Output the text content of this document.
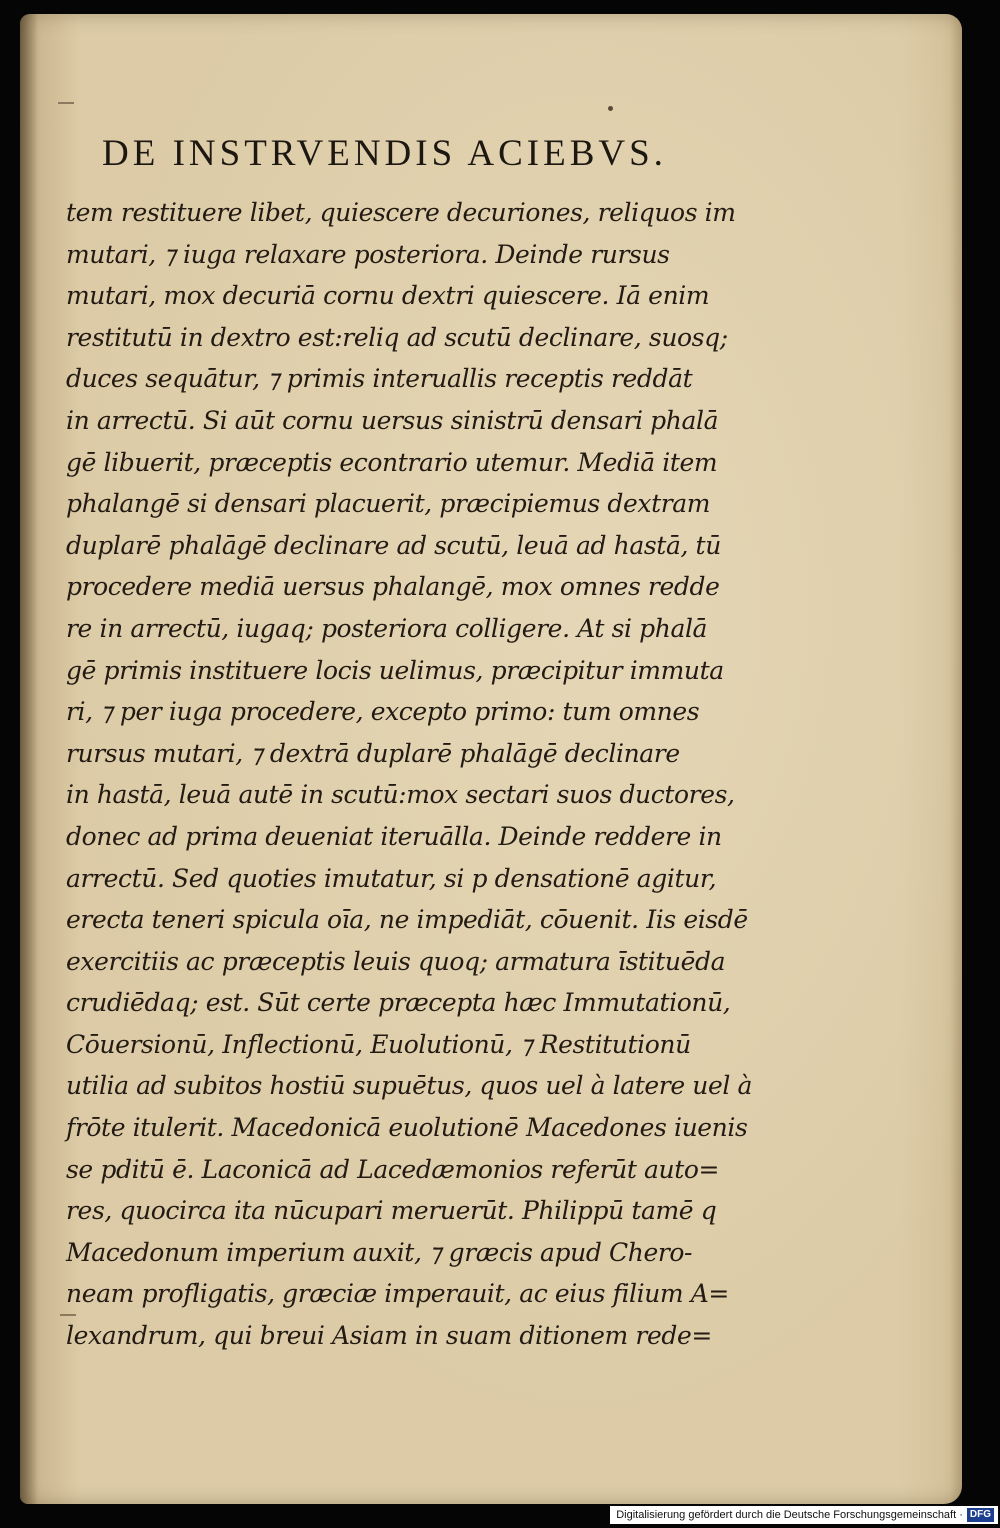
DE INSTRVENDIS ACIEBVS.
tem restituere libet, quiescere decuriones, reliquos im
mutari, ⁊ iuga relaxare posteriora. Deinde rursus
mutari, mox decuriā cornu dextri quiescere. Iā enim
restitutū in dextro est:reliq ad scutū declinare, suosq;
duces sequātur, ⁊ primis interuallis receptis reddāt
in arrectū. Si aūt cornu uersus sinistrū densari phalā
gē libuerit, præceptis econtrario utemur. Mediā item
phalangē si densari placuerit, præcipiemus dextram
duplarē phalāgē declinare ad scutū, leuā ad hastā, tū
procedere mediā uersus phalangē, mox omnes redde
re in arrectū, iugaq; posteriora colligere. At si phalā
gē primis instituere locis uelimus, præcipitur immuta
ri, ⁊ per iuga procedere, excepto primo: tum omnes
rursus mutari, ⁊ dextrā duplarē phalāgē declinare
in hastā, leuā autē in scutū:mox sectari suos ductores,
donec ad prima deueniat iteruālla. Deinde reddere in
arrectū. Sed quoties imutatur, si p densationē agitur,
erecta teneri spicula oīa, ne impediāt, cōuenit. Iis eisdē
exercitiis ac præceptis leuis quoq; armatura īstituēda
crudiēdaq; est. Sūt certe præcepta hæc Immutationū,
Cōuersionū, Inflectionū, Euolutionū, ⁊ Restitutionū
utilia ad subitos hostiū supuētus, quos uel à latere uel à
frōte itulerit. Macedonicā euolutionē Macedones iuenis
se pditū ē. Laconicā ad Lacedæmonios referūt auto=
res, quocirca ita nūcupari meruerūt. Philippū tamē q
Macedonum imperium auxit, ⁊ græcis apud Chero-
neam profligatis, græciæ imperauit, ac eius filium A=
lexandrum, qui breui Asiam in suam ditionem rede=
Digitalisierung gefördert durch die Deutsche Forschungsgemeinschaft · DFG
